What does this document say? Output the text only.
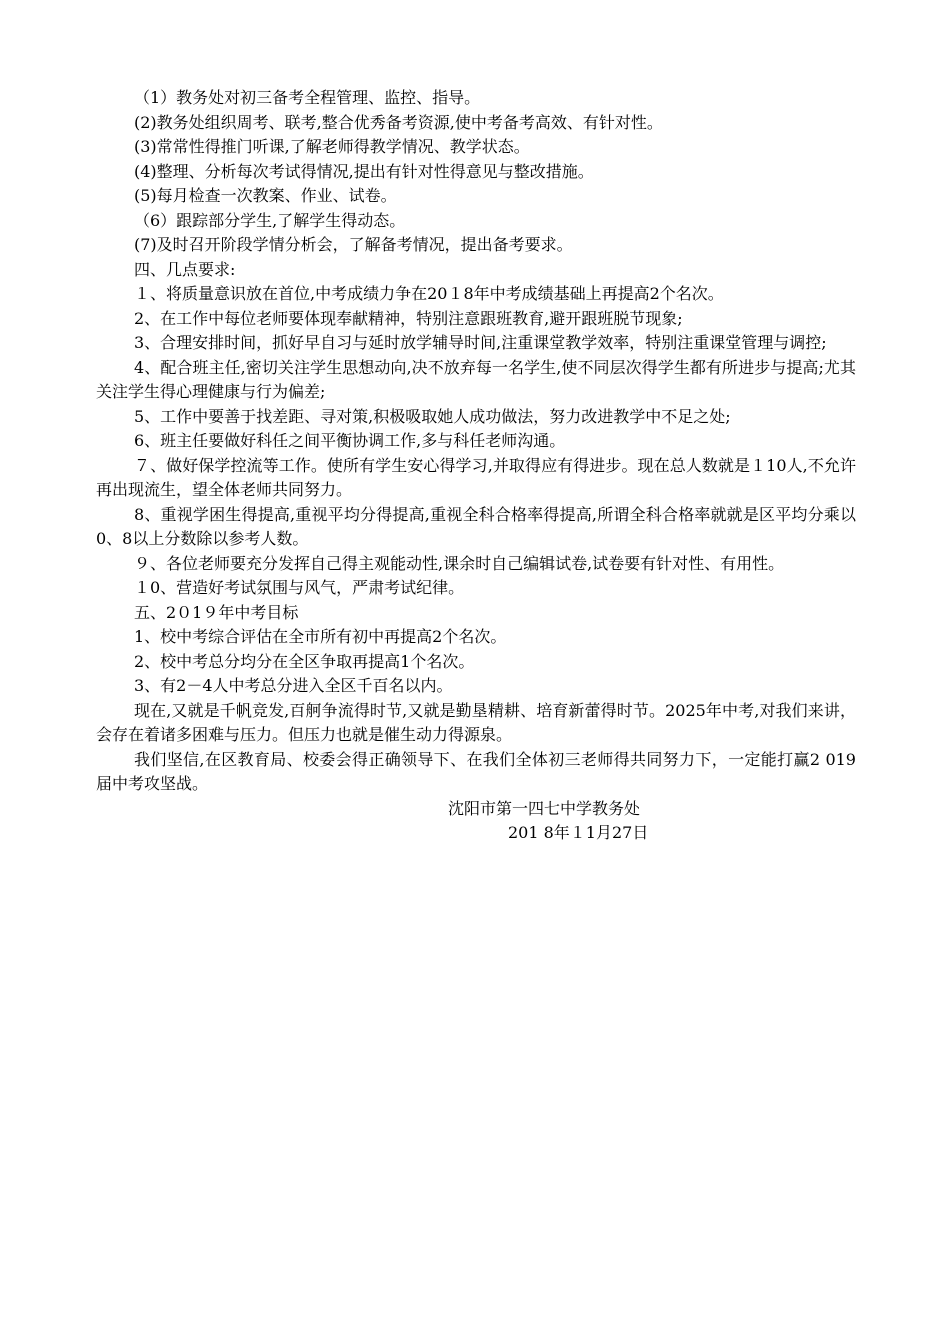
（1）教务处对初三备考全程管理、监控、指导。

(2)教务处组织周考、联考,整合优秀备考资源,使中考备考高效、有针对性。

(3)常常性得推门听课,了解老师得教学情况、教学状态。

(4)整理、分析每次考试得情况,提出有针对性得意见与整改措施。

(5)每月检查一次教案、作业、试卷。

（6）跟踪部分学生,了解学生得动态。

(7)及时召开阶段学情分析会，了解备考情况，提出备考要求。

四、几点要求:

１、将质量意识放在首位,中考成绩力争在20１8年中考成绩基础上再提高2个名次。

2、在工作中每位老师要体现奉献精神，特别注意跟班教育,避开跟班脱节现象;

3、合理安排时间，抓好早自习与延时放学辅导时间,注重课堂教学效率，特别注重课堂管理与调控;

4、配合班主任,密切关注学生思想动向,决不放弃每一名学生,使不同层次得学生都有所进步与提高;尤其关注学生得心理健康与行为偏差;

5、工作中要善于找差距、寻对策,积极吸取她人成功做法，努力改进教学中不足之处;

6、班主任要做好科任之间平衡协调工作,多与科任老师沟通。

７、做好保学控流等工作。使所有学生安心得学习,并取得应有得进步。现在总人数就是１10人,不允许再出现流生，望全体老师共同努力。

8、重视学困生得提高,重视平均分得提高,重视全科合格率得提高,所谓全科合格率就就是区平均分乘以0、8以上分数除以参考人数。

９、各位老师要充分发挥自己得主观能动性,课余时自己编辑试卷,试卷要有针对性、有用性。

１0、营造好考试氛围与风气，严肃考试纪律。

五、2０1９年中考目标

1、校中考综合评估在全市所有初中再提高2个名次。

2、校中考总分均分在全区争取再提高1个名次。

3、有2－4人中考总分进入全区千百名以内。

现在,又就是千帆竞发,百舸争流得时节,又就是勤垦精耕、培育新蕾得时节。2025年中考,对我们来讲，会存在着诸多困难与压力。但压力也就是催生动力得源泉。

我们坚信,在区教育局、校委会得正确领导下、在我们全体初三老师得共同努力下，一定能打赢2 019届中考攻坚战。

沈阳市第一四七中学教务处

201 8年１1月27日
